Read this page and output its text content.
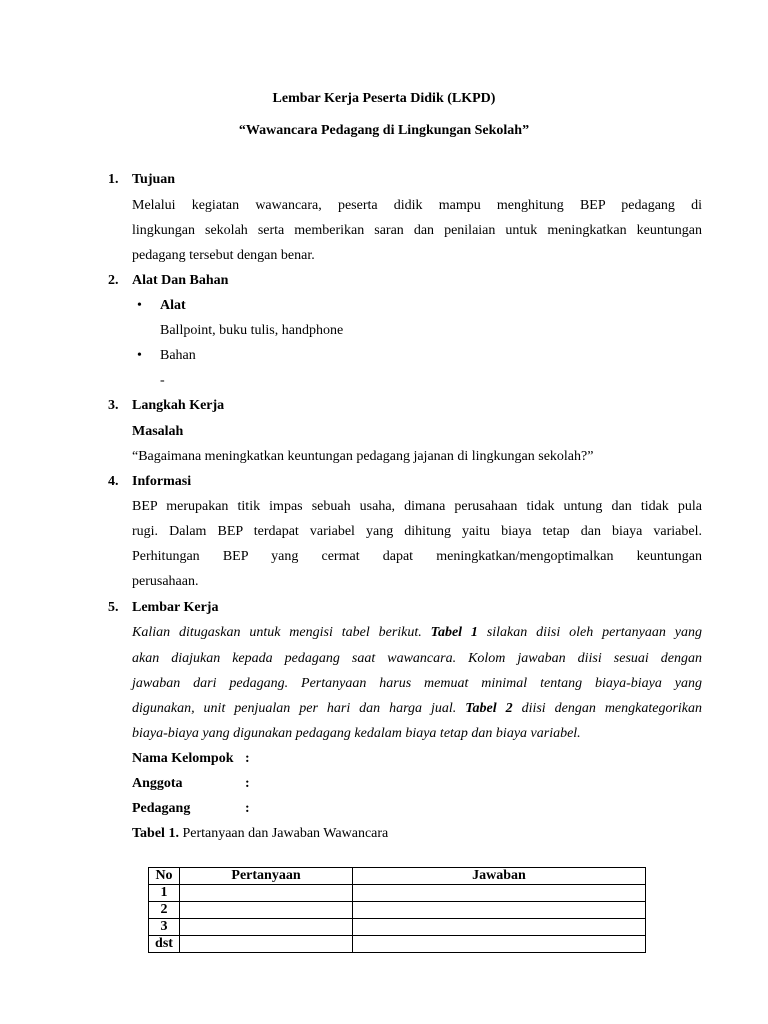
Lembar Kerja Peserta Didik (LKPD)
“Wawancara Pedagang di Lingkungan Sekolah”
1. Tujuan
Melalui kegiatan wawancara, peserta didik mampu menghitung BEP pedagang di
lingkungan sekolah serta memberikan saran dan penilaian untuk meningkatkan keuntungan
pedagang tersebut dengan benar.
2. Alat Dan Bahan
• Alat
Ballpoint, buku tulis, handphone
• Bahan
-
3. Langkah Kerja
Masalah
“Bagaimana meningkatkan keuntungan pedagang jajanan di lingkungan sekolah?”
4. Informasi
BEP merupakan titik impas sebuah usaha, dimana perusahaan tidak untung dan tidak pula
rugi. Dalam BEP terdapat variabel yang dihitung yaitu biaya tetap dan biaya variabel.
Perhitungan BEP yang cermat dapat meningkatkan/mengoptimalkan keuntungan
perusahaan.
5. Lembar Kerja
Kalian ditugaskan untuk mengisi tabel berikut. Tabel 1 silakan diisi oleh pertanyaan yang
akan diajukan kepada pedagang saat wawancara. Kolom jawaban diisi sesuai dengan
jawaban dari pedagang. Pertanyaan harus memuat minimal tentang biaya-biaya yang
digunakan, unit penjualan per hari dan harga jual. Tabel 2 diisi dengan mengkategorikan
biaya-biaya yang digunakan pedagang kedalam biaya tetap dan biaya variabel.
Nama Kelompok :
Anggota	:
Pedagang	:
Tabel 1. Pertanyaan dan Jawaban Wawancara
No	Pertanyaan	Jawaban
1		
2		
3		
dst		
